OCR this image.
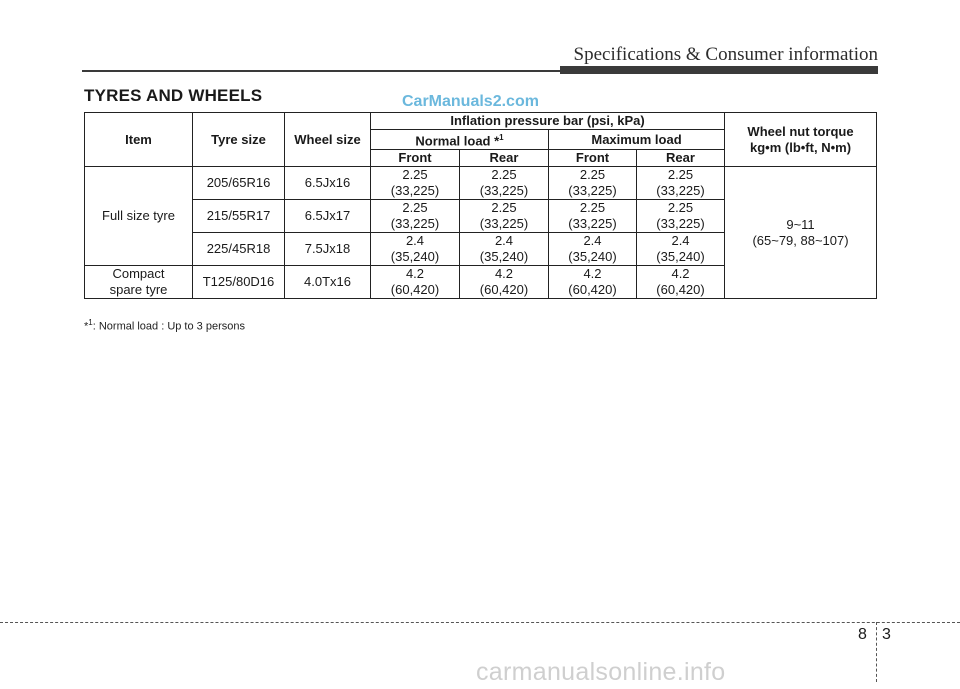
Specifications & Consumer information
TYRES AND WHEELS	CarManuals2.com
Item	Tyre size	Wheel size	Inflation pressure bar (psi, kPa)				Wheel nut torque
kg•m (lb•ft, N•m)

			Normal load *$^1$		Maximum load		
			Front	Rear	Front	Rear	
Full size tyre	205/65R16	6.5Jx16	2.25
(33,225)	2.25
(33,225)	2.25
(33,225)	2.25
(33,225)	9~11
(65~79, 88~107)

	215/55R17	6.5Jx17	2.25
(33,225)	2.25
(33,225)	2.25
(33,225)	2.25
(33,225)	

	225/45R18	7.5Jx18	2.4
(35,240)	2.4
(35,240)	2.4
(35,240)	2.4
(35,240)	

Compact
spare tyre	T125/80D16	4.0Tx16	4.2
(60,420)	4.2
(60,420)	4.2
(60,420)	4.2
(60,420)	
*$^1$: Normal load : Up to 3 persons
8 3
carmanualsonline.info
